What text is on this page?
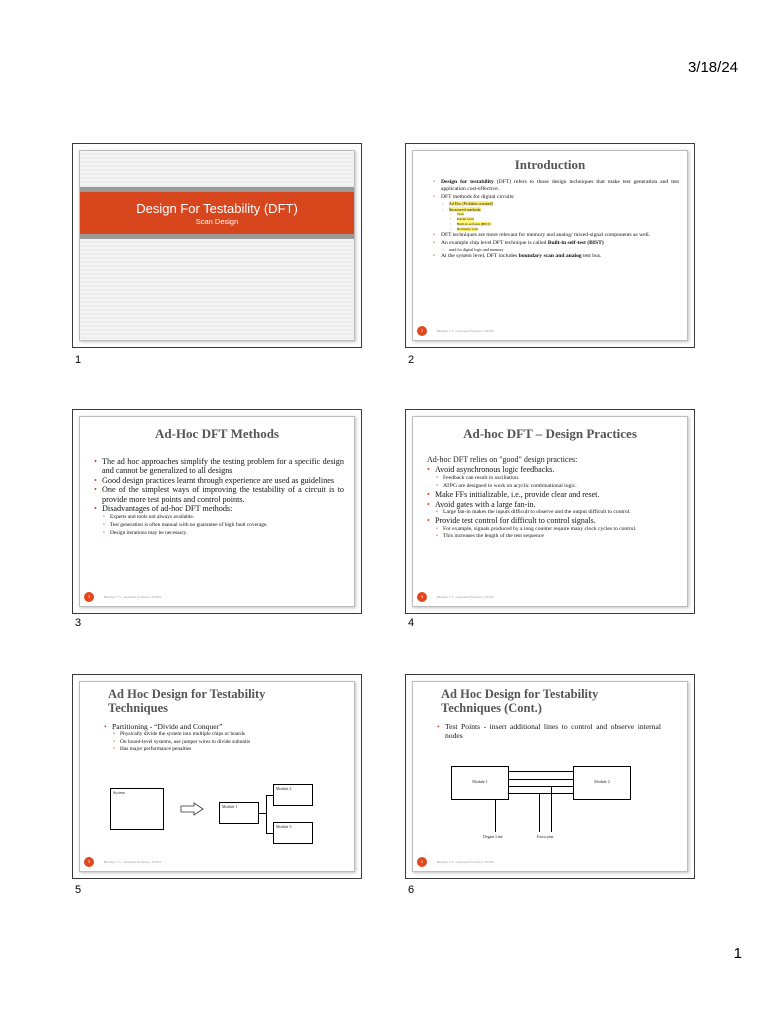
3/18/24
1
Design For Testability (DFT)
Scan Design
1
Introduction
• Design for testability (DFT) refers to those design techniques that make test generation and test application cost-effective.
• DFT methods for digital circuits:
◦ Ad Hoc (Problem oriented)
◦ Structured methods:
◦ Scan
◦ Partial Scan
◦ Built-in self-test (BIST)
◦ Boundary scan
• DFT techniques are more relevant for memory and analog/ mixed-signal components as well.
• An example chip level DFT technique is called Built-in self-test (BIST)
◦ used for digital logic and memory
• At the system level, DFT includes boundary scan and analog test bus.
2	Bindiya T S , Assistant Professor, ECED
2
Ad-Hoc DFT Methods
• The ad hoc approaches simplify the testing problem for a specific design and cannot be generalized to all designs
• Good design practices learnt through experience are used as guidelines
• One of the simplest ways of improving the testability of a circuit is to provide more test points and control points.
• Disadvantages of ad-hoc DFT methods:
• Experts and tools not always available.
• Test generation is often manual with no guarantee of high fault coverage.
• Design iterations may be necessary.
3	Bindiya T S , Assistant Professor, ECED
3
Ad-hoc DFT – Design Practices
Ad-hoc DFT relies on "good" design practices:
• Avoid asynchronous logic feedbacks.
• Feedback can result in oscillation.
• ATPG are designed to work on acyclic combinational logic.
• Make FFs initializable, i.e., provide clear and reset.
• Avoid gates with a large fan-in.
• Large fan-in makes the inputs difficult to observe and the output difficult to control.
• Provide test control for difficult to control signals.
• For example, signals produced by a long counter require many clock cycles to control.
• This increases the length of the test sequence
4	Bindiya T S , Assistant Professor, ECED
4
Ad Hoc Design for Testability Techniques
• Partitioning - “Divide and Conquer”
• Physically divide the system into multiple chips or boards
• On board-level systems, use jumper wires to divide subunits
• Has major performance penalties
System
Module 1
Module 2
Module 3
5	Bindiya T S , Assistant Professor, ECED
5
Ad Hoc Design for Testability Techniques (Cont.)
• Test Points - insert additional lines to control and observe internal nodes
Module 1	Module 2
Degate Line	Extra pins
6	Bindiya T S , Assistant Professor, ECED
6
